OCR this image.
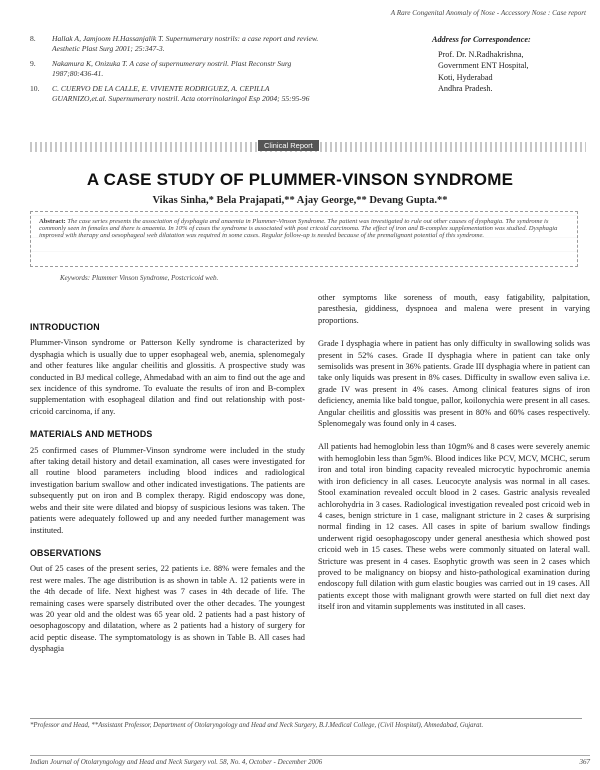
A Rare Congenital Anomaly of Nose - Accessory Nose : Case report
8.	Hallak A, Jamjoom H.Hassanjalik T. Supernumerary nostrils: a case report and review. Aesthetic Plast Surg 2001; 25:347-3.
9.	Nakamura K, Onizuka T. A case of supernumerary nostril. Plast Reconstr Surg 1987;80:436-41.
10.	C. CUERVO DE LA CALLE, E. VIVIENTE RODRIGUEZ, A. CEPILLA GUARNIZO,et.al. Supernumerary nostril. Acta otorrinolaringol Esp 2004; 55:95-96
Address for Correspondence:
Prof. Dr. N.Radhakrishna,
Government ENT Hospital,
Koti, Hyderabad
Andhra Pradesh.
Clinical Report
A CASE STUDY OF PLUMMER-VINSON SYNDROME
Vikas Sinha,* Bela Prajapati,** Ajay George,** Devang Gupta.**
Abstract: The case series presents the association of dysphagia and anaemia in Plummer-Vinson Syndrome. The patient was investigated to rule out other causes of dysphagia. The syndrome is commonly seen in females and there is anaemia. In 10% of cases the syndrome is associated with post cricoid carcinoma. The effect of iron and B-complex supplementation was studied. Dysphagia improved with therapy and oesophageal web dilatation was required in some cases. Regular follow-up is needed because of the premalignant potential of this syndrome.
Keywords: Plummer Vinson Syndrome, Postcricoid web.
INTRODUCTION

Plummer-Vinson syndrome or Patterson Kelly syndrome is characterized by dysphagia which is usually due to upper esophageal web, anemia, splenomegaly and other features like angular cheilitis and glossitis. A prospective study was conducted in BJ medical college, Ahmedabad with an aim to find out the age and sex incidence of this syndrome. To evaluate the results of iron and B-complex supplementation with esophageal dilation and find out relationship with post-cricoid carcinoma, if any.

MATERIALS AND METHODS

25 confirmed cases of Plummer-Vinson syndrome were included in the study after taking detail history and detail examination, all cases were investigated for all routine blood parameters including blood indices and radiological investigation barium swallow and other indicated investigations. The patients are subsequently put on iron and B complex therapy. Rigid endoscopy was done, webs and their site were dilated and biopsy of suspicious lesions was taken. The patients were adequately followed up and any needed further management was instituted.

OBSERVATIONS

Out of 25 cases of the present series, 22 patients i.e. 88% were females and the rest were males. The age distribution is as shown in table A. 12 patients were in the 4th decade of life. Next highest was 7 cases in 4th decade of life. The remaining cases were sparsely distributed over the other decades. The youngest was 20 year old and the oldest was 65 year old. 2 patients had a past history of oesophagoscopy and dilatation, where as 2 patients had a history of surgery for acid peptic disease. The symptomatology is as shown in Table B. All cases had dysphagia

other symptoms like soreness of mouth, easy fatigability, palpitation, paresthesia, giddiness, dyspnoea and malena were present in varying proportions.

Grade I dysphagia where in patient has only difficulty in swallowing solids was present in 52% cases. Grade II dysphagia where in patient can take only semisolids was present in 36% patients. Grade III dysphagia where in patient can take only liquids was present in 8% cases. Difficulty in swallow even saliva i.e. grade IV was present in 4% cases. Among clinical features signs of iron deficiency, anemia like bald tongue, pallor, koilonychia were present in all cases. Angular cheilitis and glossitis was present in 80% and 60% cases respectively. Splenomegaly was found only in 4 cases.

All patients had hemoglobin less than 10gm% and 8 cases were severely anemic with hemoglobin less than 5gm%. Blood indices like PCV, MCV, MCHC, serum iron and total iron binding capacity revealed microcytic hypochromic anemia with iron deficiency in all cases. Leucocyte analysis was normal in all cases. Stool examination revealed occult blood in 2 cases. Gastric analysis revealed achlorohydria in 3 cases. Radiological investigation revealed post cricoid web in 4 cases, benign stricture in 1 case, malignant stricture in 2 cases & surprising normal finding in 12 cases. All cases in spite of barium swallow findings underwent rigid oesophagoscopy under general anesthesia which showed post cricoid web in 15 cases. These webs were commonly situated on lateral wall. Stricture was present in 4 cases. Esophytic growth was seen in 2 cases which proved to be malignancy on biopsy and histo-pathological examination during endoscopy full dilation with gum elastic bougies was carried out in 19 cases. All patients except those with malignant growth were started on full diet next day itself iron and vitamin supplements was instituted in all cases.

*Professor and Head, **Assistant Professor, Department of Otolaryngology and Head and Neck Surgery, B.J.Medical College, (Civil Hospital), Ahmedabad, Gujarat.
Indian Journal of Otolaryngology and Head and Neck Surgery vol. 58, No. 4, October - December 2006	367
